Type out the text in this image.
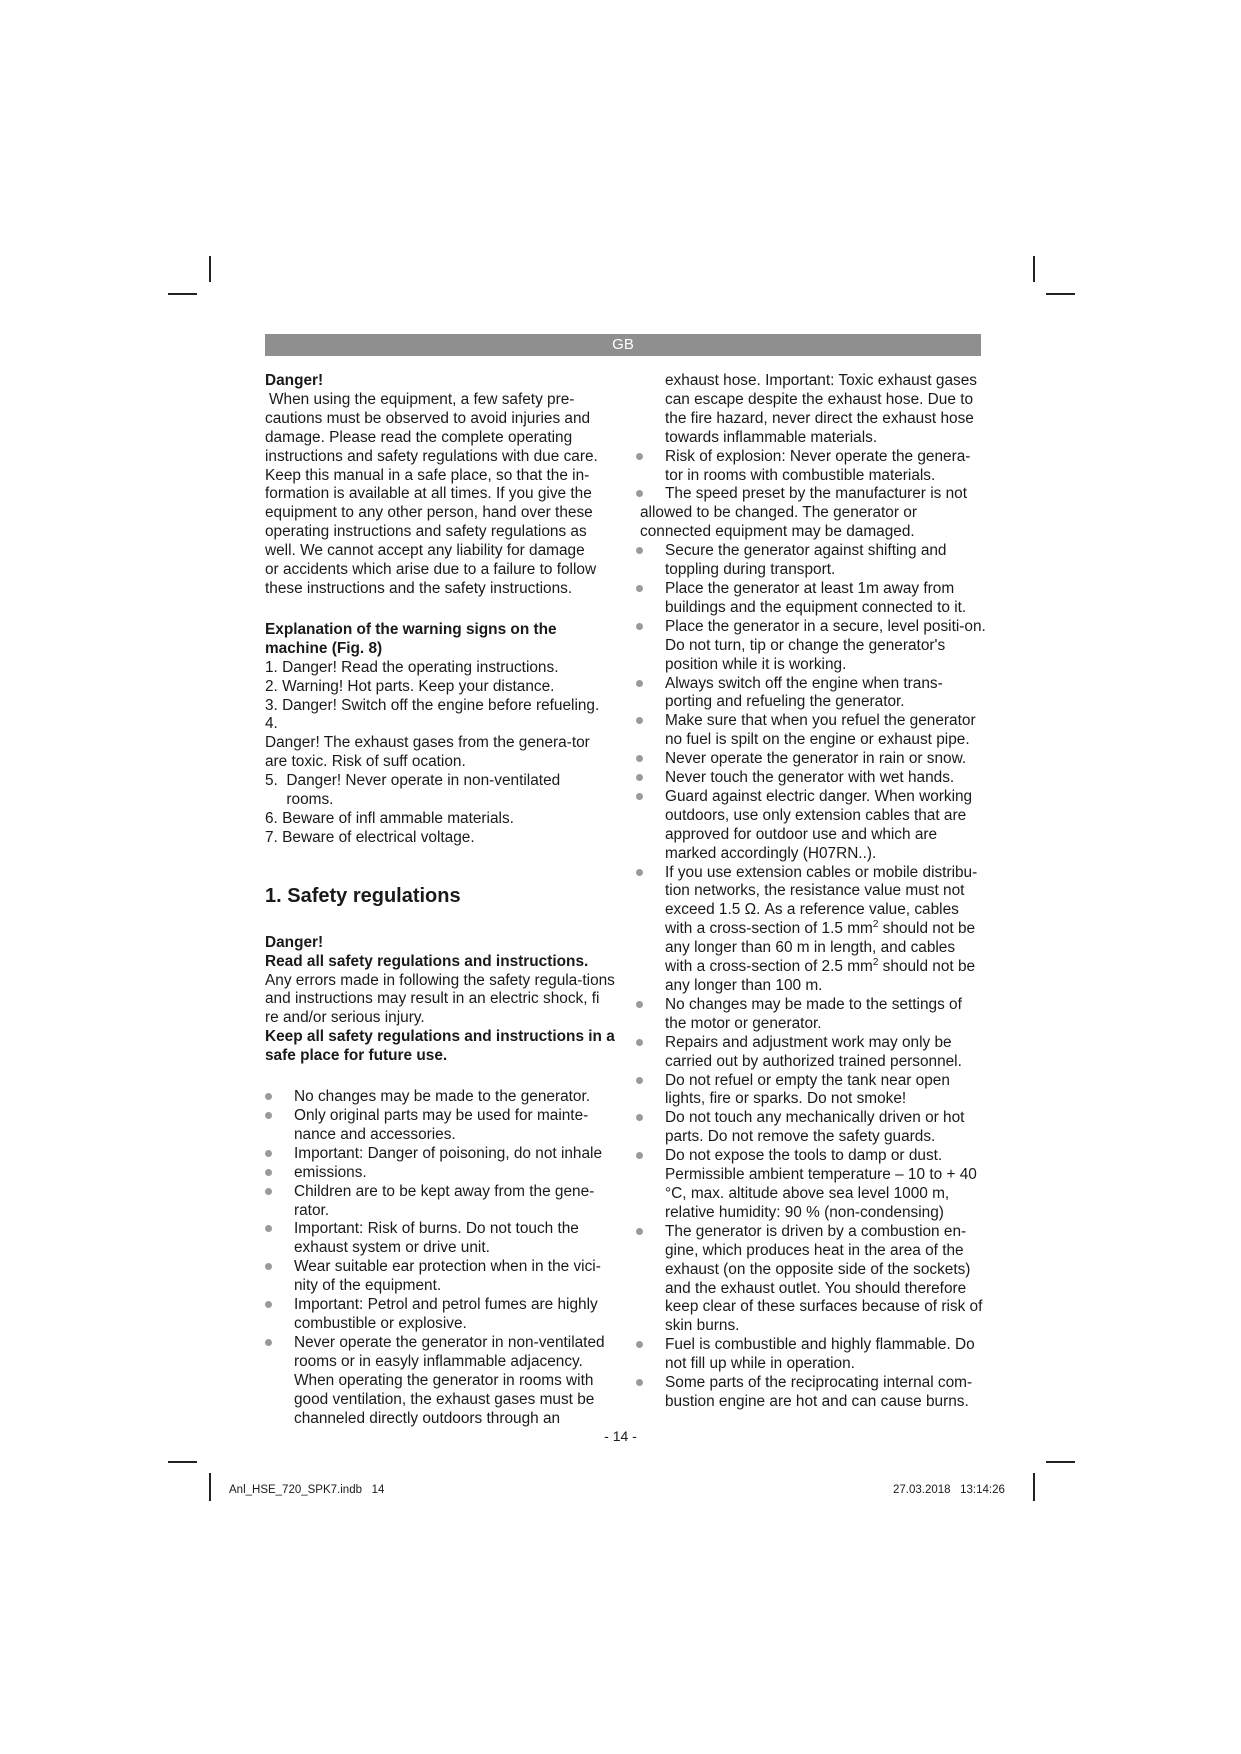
GB
Danger!
When using the equipment, a few safety pre-
cautions must be observed to avoid injuries and
damage. Please read the complete operating
instructions and safety regulations with due care.
Keep this manual in a safe place, so that the in-
formation is available at all times. If you give the
equipment to any other person, hand over these
operating instructions and safety regulations as
well. We cannot accept any liability for damage
or accidents which arise due to a failure to follow
these instructions and the safety instructions.
Explanation of the warning signs on the
machine (Fig. 8)
1. Danger! Read the operating instructions.
2. Warning! Hot parts. Keep your distance.
3. Danger! Switch off the engine before refueling.
4.  Danger! The exhaust gases from the genera-tor are toxic. Risk of suff ocation.
5. Danger! Never operate in non-ventilated rooms.
6. Beware of infl ammable materials.
7. Beware of electrical voltage.
1. Safety regulations
Danger!
Read all safety regulations and instructions.

Any errors made in following the safety regula-tions and instructions may result in an electric shock, fi re and/or serious injury.

Keep all safety regulations and instructions in a safe place for future use.
No changes may be made to the generator.
Only original parts may be used for mainte-nance and accessories.
Important: Danger of poisoning, do not inhale
emissions.
Children are to be kept away from the gene-rator.
Important: Risk of burns. Do not touch the exhaust system or drive unit.
Wear suitable ear protection when in the vici-nity of the equipment.
Important: Petrol and petrol fumes are highly combustible or explosive.
Never operate the generator in non-ventilated rooms or in easyly inflammable adjacency. When operating the generator in rooms with good ventilation, the exhaust gases must be channeled directly outdoors through an

exhaust hose. Important: Toxic exhaust gases can escape despite the exhaust hose. Due to the fire hazard, never direct the exhaust hose towards inflammable materials.

Risk of explosion: Never operate the genera-tor in rooms with combustible materials.
The speed preset by the manufacturer is not
allowed to be changed. The generator or connected equipment may be damaged.
Secure the generator against shifting and toppling during transport.
Place the generator at least 1m away from buildings and the equipment connected to it.
Place the generator in a secure, level positi-on. Do not turn, tip or change the generator's position while it is working.
Always switch off the engine when trans-porting and refueling the generator.
Make sure that when you refuel the generator no fuel is spilt on the engine or exhaust pipe.
Never operate the generator in rain or snow.
Never touch the generator with wet hands.
Guard against electric danger. When working outdoors, use only extension cables that are approved for outdoor use and which are marked accordingly (H07RN..).
If you use extension cables or mobile distribu-tion networks, the resistance value must not exceed 1.5 Ω. As a reference value, cables with a cross-section of 1.5 $mm^2$ should not be any longer than 60 m in length, and cables with a cross-section of 2.5 $mm^2$ should not be any longer than 100 m.
No changes may be made to the settings of the motor or generator.
Repairs and adjustment work may only be carried out by authorized trained personnel.
Do not refuel or empty the tank near open lights, fire or sparks. Do not smoke!
Do not touch any mechanically driven or hot parts. Do not remove the safety guards.
Do not expose the tools to damp or dust. Permissible ambient temperature – 10 to + 40 °C, max. altitude above sea level 1000 m, relative humidity: 90 % (non-condensing)
The generator is driven by a combustion en-gine, which produces heat in the area of the exhaust (on the opposite side of the sockets) and the exhaust outlet. You should therefore keep clear of these surfaces because of risk of skin burns.
Fuel is combustible and highly flammable. Do not fill up while in operation.
Some parts of the reciprocating internal com-bustion engine are hot and can cause burns.
- 14 -
Anl_HSE_720_SPK7.indb   14	27.03.2018   13:14:26
